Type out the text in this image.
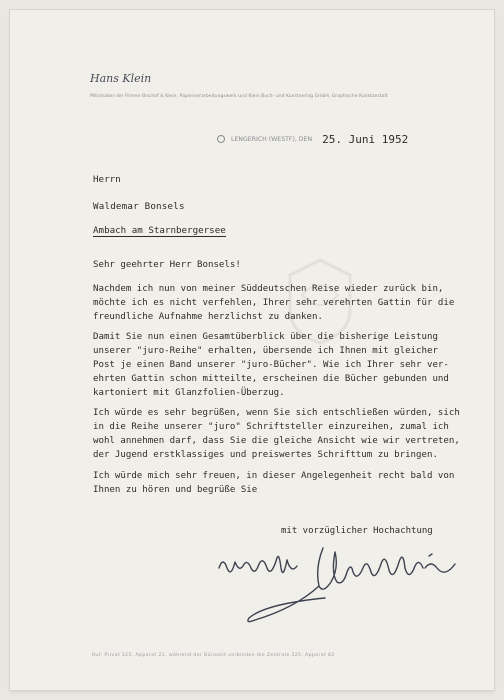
Hans Klein
Mitinhaber der Firmen Bischof & Klein, Papierverarbeitungswerk und Klein Buch- und Kunstverlag GmbH, Graphische Kunstanstalt
LENGERICH (WESTF), DEN 25. Juni 1952
Herrn
Waldemar Bonsels
Ambach am Starnbergersee
Sehr geehrter Herr Bonsels!
Nachdem ich nun von meiner Süddeutschen Reise wieder zurück bin,
möchte ich es nicht verfehlen, Ihrer sehr verehrten Gattin für die
freundliche Aufnahme herzlichst zu danken.
Damit Sie nun einen Gesamtüberblick über die bisherige Leistung
unserer "juro-Reihe" erhalten, übersende ich Ihnen mit gleicher
Post je einen Band unserer "juro-Bücher". Wie ich Ihrer sehr ver-
ehrten Gattin schon mitteilte, erscheinen die Bücher gebunden und
kartoniert mit Glanzfolien-Überzug.
Ich würde es sehr begrüßen, wenn Sie sich entschließen würden, sich
in die Reihe unserer "juro" Schriftsteller einzureihen, zumal ich
wohl annehmen darf, dass Sie die gleiche Ansicht wie wir vertreten,
der Jugend erstklassiges und preiswertes Schrifttum zu bringen.
Ich würde mich sehr freuen, in dieser Angelegenheit recht bald von
Ihnen zu hören und begrüße Sie
mit vorzüglicher Hochachtung
Ruf: Privat 325, Apparat 21, während der Bürozeit verbinden die Zentrale 325, Apparat 82
